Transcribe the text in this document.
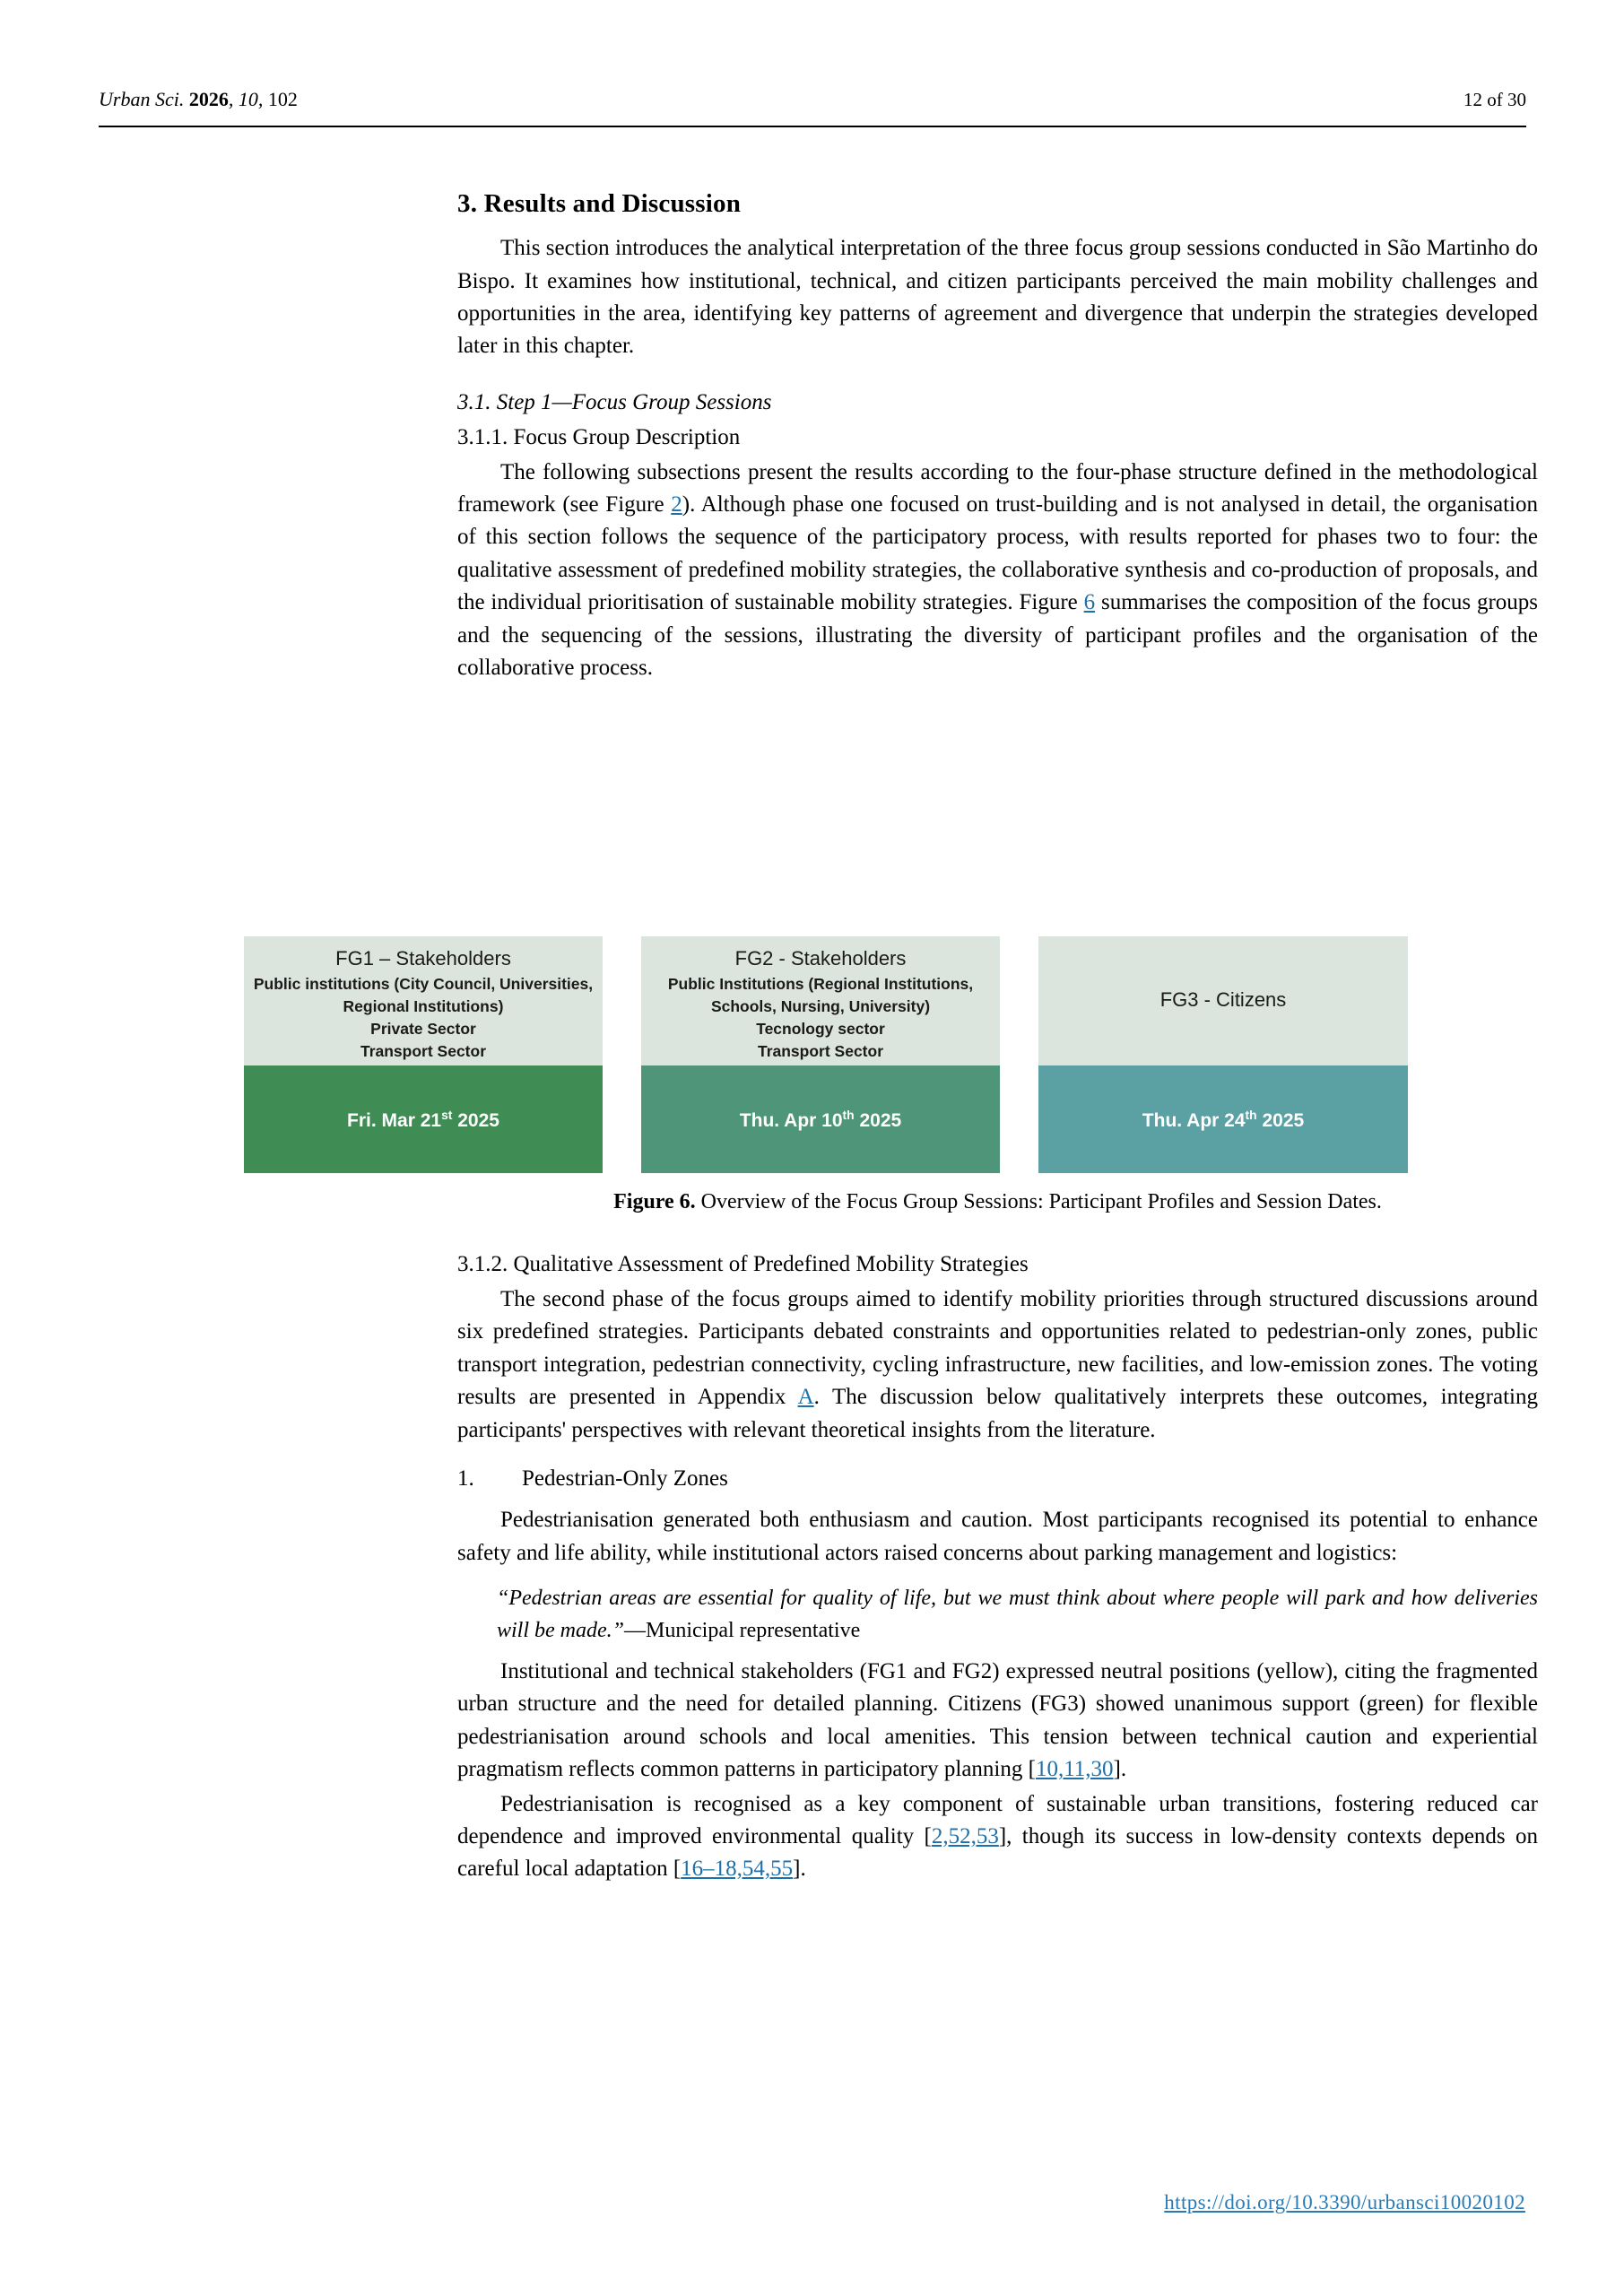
Urban Sci. 2026, 10, 102	12 of 30
3. Results and Discussion

This section introduces the analytical interpretation of the three focus group sessions conducted in São Martinho do Bispo. It examines how institutional, technical, and citizen participants perceived the main mobility challenges and opportunities in the area, identifying key patterns of agreement and divergence that underpin the strategies developed later in this chapter.

3.1. Step 1—Focus Group Sessions
3.1.1. Focus Group Description

The following subsections present the results according to the four-phase structure defined in the methodological framework (see Figure 2). Although phase one focused on trust-building and is not analysed in detail, the organisation of this section follows the sequence of the participatory process, with results reported for phases two to four: the qualitative assessment of predefined mobility strategies, the collaborative synthesis and co-production of proposals, and the individual prioritisation of sustainable mobility strategies. Figure 6 summarises the composition of the focus groups and the sequencing of the sessions, illustrating the diversity of participant profiles and the organisation of the collaborative process.

FG1 – Stakeholders
Public institutions (City Council, Universities,
Regional Institutions)
Private Sector
Transport Sector
Fri. Mar 21st 2025
FG2 - Stakeholders
Public Institutions (Regional Institutions,
Schools, Nursing, University)
Tecnology sector
Transport Sector
Thu. Apr 10th 2025
FG3 - Citizens
Thu. Apr 24th 2025
Figure 6. Overview of the Focus Group Sessions: Participant Profiles and Session Dates.
3.1.2. Qualitative Assessment of Predefined Mobility Strategies

The second phase of the focus groups aimed to identify mobility priorities through structured discussions around six predefined strategies. Participants debated constraints and opportunities related to pedestrian-only zones, public transport integration, pedestrian connectivity, cycling infrastructure, new facilities, and low-emission zones. The voting results are presented in Appendix A. The discussion below qualitatively interprets these outcomes, integrating participants' perspectives with relevant theoretical insights from the literature.

1.	Pedestrian-Only Zones

Pedestrianisation generated both enthusiasm and caution. Most participants recognised its potential to enhance safety and life ability, while institutional actors raised concerns about parking management and logistics:

“Pedestrian areas are essential for quality of life, but we must think about where people will park and how deliveries will be made.”—Municipal representative

Institutional and technical stakeholders (FG1 and FG2) expressed neutral positions (yellow), citing the fragmented urban structure and the need for detailed planning. Citizens (FG3) showed unanimous support (green) for flexible pedestrianisation around schools and local amenities. This tension between technical caution and experiential pragmatism reflects common patterns in participatory planning [10,11,30].

Pedestrianisation is recognised as a key component of sustainable urban transitions, fostering reduced car dependence and improved environmental quality [2,52,53], though its success in low-density contexts depends on careful local adaptation [16–18,54,55].

https://doi.org/10.3390/urbansci10020102
